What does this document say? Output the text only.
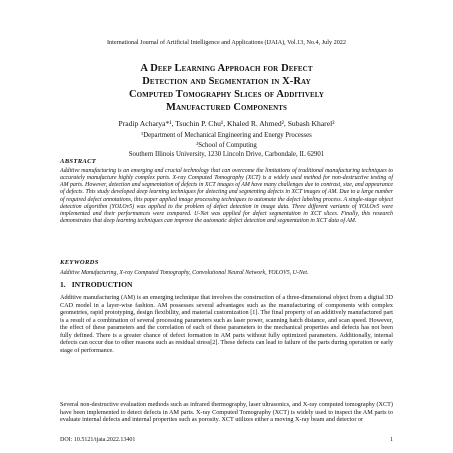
International Journal of Artificial Intelligence and Applications (IJAIA), Vol.13, No.4, July 2022
A Deep Learning Approach for Defect
Detection and Segmentation in X-Ray
Computed Tomography Slices of Additively
Manufactured Components
Pradip Acharya*¹, Tsuchin P. Chu¹, Khaled R. Ahmed², Subash Kharel²
¹Department of Mechanical Engineering and Energy Processes
²School of Computing
Southern Illinois University, 1230 Lincoln Drive, Carbondale, IL 62901
ABSTRACT
Additive manufacturing is an emerging and crucial technology that can overcome the limitations of traditional manufacturing techniques to accurately manufacture highly complex parts. X-ray Computed Tomography (XCT) is a widely used method for non-destructive testing of AM parts. However, detection and segmentation of defects in XCT images of AM have many challenges due to contrast, size, and appearance of defects. This study developed deep learning techniques for detecting and segmenting defects in XCT images of AM. Due to a large number of required defect annotations, this paper applied image processing techniques to automate the defect labeling process. A single-stage object detection algorithm (YOLOv5) was applied to the problem of defect detection in image data. Three different variants of YOLOv5 were implemented and their performances were compared. U-Net was applied for defect segmentation in XCT slices. Finally, this research demonstrates that deep learning techniques can improve the automatic defect detection and segmentation in XCT data of AM.
KEYWORDS
Additive Manufacturing, X-ray Computed Tomography, Convolutional Neural Network, YOLOV5, U-Net.
1. INTRODUCTION
Additive manufacturing (AM) is an emerging technique that involves the construction of a three-dimensional object from a digital 3D CAD model in a layer-wise fashion. AM possesses several advantages such as the manufacturing of components with complex geometries, rapid prototyping, design flexibility, and material customization [1]. The final property of an additively manufactured part is a result of a combination of several processing parameters such as laser power, scanning hatch distance, and scan speed. However, the effect of these parameters and the correlation of each of these parameters to the mechanical properties and defects has not been fully defined. There is a greater chance of defect formation in AM parts without fully optimized parameters. Additionally, internal defects can occur due to other reasons such as residual stress[2]. These defects can lead to failure of the parts during operation or early stage of performance.
Several non-destructive evaluation methods such as infrared thermography, laser ultrasonics, and X-ray computed tomography (XCT) have been implemented to detect defects in AM parts. X-ray Computed Tomography (XCT) is widely used to inspect the AM parts to evaluate internal defects and internal properties such as porosity. XCT utilizes either a moving X-ray beam and detector or
DOI: 10.5121/ijaia.2022.13401	1
